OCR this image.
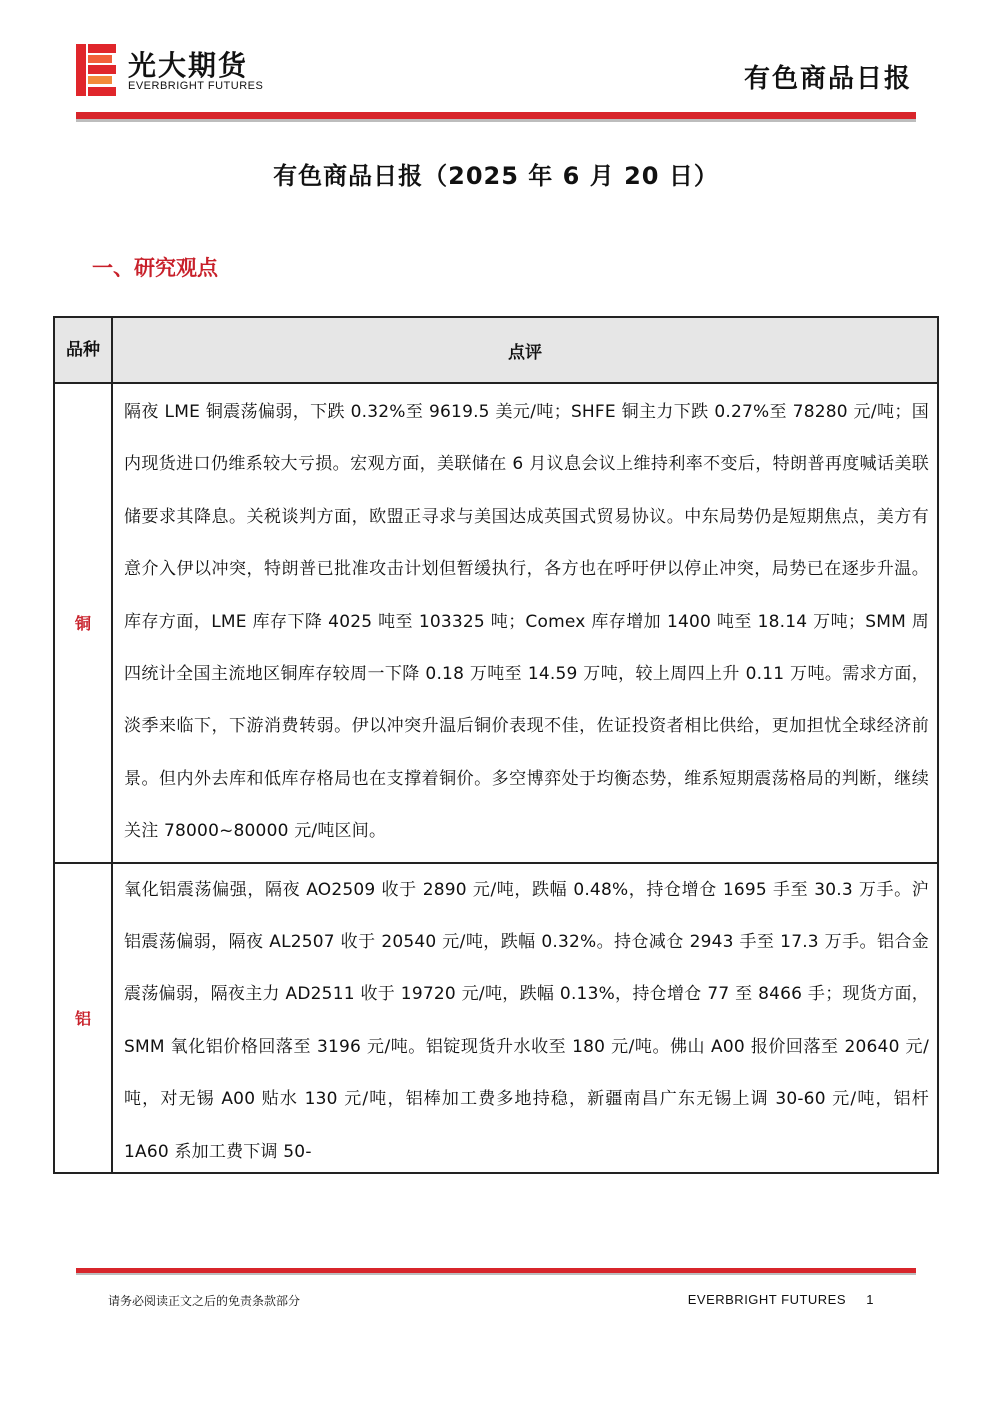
光大期货
EVERBRIGHT FUTURES	有色商品日报
有色商品日报（2025 年 6 月 20 日）
一、研究观点
品种	点评
铜	隔夜 LME 铜震荡偏弱，下跌 0.32%至 9619.5 美元/吨；SHFE 铜主力下跌 0.27%至 78280 元/吨；国内现货进口仍维系较大亏损。宏观方面，美联储在 6 月议息会议上维持利率不变后，特朗普再度喊话美联储要求其降息。关税谈判方面，欧盟正寻求与美国达成英国式贸易协议。中东局势仍是短期焦点，美方有意介入伊以冲突，特朗普已批准攻击计划但暂缓执行，各方也在呼吁伊以停止冲突，局势已在逐步升温。库存方面，LME 库存下降 4025 吨至 103325 吨；Comex 库存增加 1400 吨至 18.14 万吨；SMM 周四统计全国主流地区铜库存较周一下降 0.18 万吨至 14.59 万吨，较上周四上升 0.11 万吨。需求方面，淡季来临下，下游消费转弱。伊以冲突升温后铜价表现不佳，佐证投资者相比供给，更加担忧全球经济前景。但内外去库和低库存格局也在支撑着铜价。多空博弈处于均衡态势，维系短期震荡格局的判断，继续关注 78000~80000 元/吨区间。
铝	氧化铝震荡偏强，隔夜 AO2509 收于 2890 元/吨，跌幅 0.48%，持仓增仓 1695 手至 30.3 万手。沪铝震荡偏弱，隔夜 AL2507 收于 20540 元/吨，跌幅 0.32%。持仓减仓 2943 手至 17.3 万手。铝合金震荡偏弱，隔夜主力 AD2511 收于 19720 元/吨，跌幅 0.13%，持仓增仓 77 至 8466 手；现货方面，SMM 氧化铝价格回落至 3196 元/吨。铝锭现货升水收至 180 元/吨。佛山 A00 报价回落至 20640 元/吨，对无锡 A00 贴水 130 元/吨，铝棒加工费多地持稳，新疆南昌广东无锡上调 30-60 元/吨，铝杆 1A60 系加工费下调 50-
请务必阅读正文之后的免责条款部分	EVERBRIGHT FUTURES 1
